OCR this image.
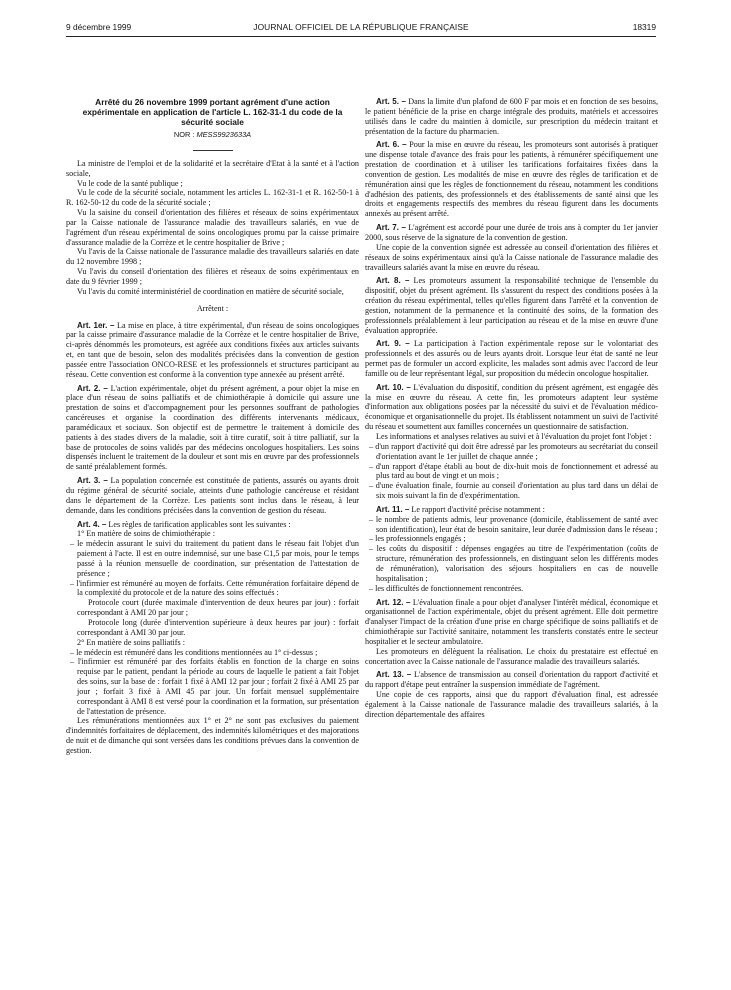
9 décembre 1999	JOURNAL OFFICIEL DE LA RÉPUBLIQUE FRANÇAISE	18319

Arrêté du 26 novembre 1999 portant agrément d'une action expérimentale en application de l'article L. 162-31-1 du code de la sécurité sociale

NOR : MESS9923633A

La ministre de l'emploi et de la solidarité et la secrétaire d'Etat à la santé et à l'action sociale,

Vu le code de la santé publique ;

Vu le code de la sécurité sociale, notamment les articles L. 162-31-1 et R. 162-50-1 à R. 162-50-12 du code de la sécurité sociale ;

Vu la saisine du conseil d'orientation des filières et réseaux de soins expérimentaux par la Caisse nationale de l'assurance maladie des travailleurs salariés, en vue de l'agrément d'un réseau expérimental de soins oncologiques promu par la caisse primaire d'assurance maladie de la Corrèze et le centre hospitalier de Brive ;

Vu l'avis de la Caisse nationale de l'assurance maladie des travailleurs salariés en date du 12 novembre 1998 ;

Vu l'avis du conseil d'orientation des filières et réseaux de soins expérimentaux en date du 9 février 1999 ;

Vu l'avis du comité interministériel de coordination en matière de sécurité sociale,

Arrêtent :

Art. 1er. – La mise en place, à titre expérimental, d'un réseau de soins oncologiques par la caisse primaire d'assurance maladie de la Corrèze et le centre hospitalier de Brive, ci-après dénommés les promoteurs, est agréée aux conditions fixées aux articles suivants et, en tant que de besoin, selon des modalités précisées dans la convention de gestion passée entre l'association ONCO-RESE et les professionnels et structures participant au réseau. Cette convention est conforme à la convention type annexée au présent arrêté.

Art. 2. – L'action expérimentale, objet du présent agrément, a pour objet la mise en place d'un réseau de soins palliatifs et de chimiothérapie à domicile qui assure une prestation de soins et d'accompagnement pour les personnes souffrant de pathologies cancéreuses et organise la coordination des différents intervenants médicaux, paramédicaux et sociaux. Son objectif est de permettre le traitement à domicile des patients à des stades divers de la maladie, soit à titre curatif, soit à titre palliatif, sur la base de protocoles de soins validés par des médecins oncologues hospitaliers. Les soins dispensés incluent le traitement de la douleur et sont mis en œuvre par des professionnels de santé préalablement formés.

Art. 3. – La population concernée est constituée de patients, assurés ou ayants droit du régime général de sécurité sociale, atteints d'une pathologie cancéreuse et résidant dans le département de la Corrèze. Les patients sont inclus dans le réseau, à leur demande, dans les conditions précisées dans la convention de gestion du réseau.

Art. 4. – Les règles de tarification applicables sont les suivantes :

1° En matière de soins de chimiothérapie :

– le médecin assurant le suivi du traitement du patient dans le réseau fait l'objet d'un paiement à l'acte. Il est en outre indemnisé, sur une base C1,5 par mois, pour le temps passé à la réunion mensuelle de coordination, sur présentation de l'attestation de présence ;

– l'infirmier est rémunéré au moyen de forfaits. Cette rémunération forfaitaire dépend de la complexité du protocole et de la nature des soins effectués :

Protocole court (durée maximale d'intervention de deux heures par jour) : forfait correspondant à AMI 20 par jour ;

Protocole long (durée d'intervention supérieure à deux heures par jour) : forfait correspondant à AMI 30 par jour.

2° En matière de soins palliatifs :

– le médecin est rémunéré dans les conditions mentionnées au 1° ci-dessus ;

– l'infirmier est rémunéré par des forfaits établis en fonction de la charge en soins requise par le patient, pendant la période au cours de laquelle le patient a fait l'objet des soins, sur la base de : forfait 1 fixé à AMI 12 par jour ; forfait 2 fixé à AMI 25 par jour ; forfait 3 fixé à AMI 45 par jour. Un forfait mensuel supplémentaire correspondant à AMI 8 est versé pour la coordination et la formation, sur présentation de l'attestation de présence.

Les rémunérations mentionnées aux 1° et 2° ne sont pas exclusives du paiement d'indemnités forfaitaires de déplacement, des indemnités kilométriques et des majorations de nuit et de dimanche qui sont versées dans les conditions prévues dans la convention de gestion.

Art. 5. – Dans la limite d'un plafond de 600 F par mois et en fonction de ses besoins, le patient bénéficie de la prise en charge intégrale des produits, matériels et accessoires utilisés dans le cadre du maintien à domicile, sur prescription du médecin traitant et présentation de la facture du pharmacien.

Art. 6. – Pour la mise en œuvre du réseau, les promoteurs sont autorisés à pratiquer une dispense totale d'avance des frais pour les patients, à rémunérer spécifiquement une prestation de coordination et à utiliser les tarifications forfaitaires fixées dans la convention de gestion. Les modalités de mise en œuvre des règles de tarification et de rémunération ainsi que les règles de fonctionnement du réseau, notamment les conditions d'adhésion des patients, des professionnels et des établissements de santé ainsi que les droits et engagements respectifs des membres du réseau figurent dans les documents annexés au présent arrêté.

Art. 7. – L'agrément est accordé pour une durée de trois ans à compter du 1er janvier 2000, sous réserve de la signature de la convention de gestion.

Une copie de la convention signée est adressée au conseil d'orientation des filières et réseaux de soins expérimentaux ainsi qu'à la Caisse nationale de l'assurance maladie des travailleurs salariés avant la mise en œuvre du réseau.

Art. 8. – Les promoteurs assument la responsabilité technique de l'ensemble du dispositif, objet du présent agrément. Ils s'assurent du respect des conditions posées à la création du réseau expérimental, telles qu'elles figurent dans l'arrêté et la convention de gestion, notamment de la permanence et la continuité des soins, de la formation des professionnels préalablement à leur participation au réseau et de la mise en œuvre d'une évaluation appropriée.

Art. 9. – La participation à l'action expérimentale repose sur le volontariat des professionnels et des assurés ou de leurs ayants droit. Lorsque leur état de santé ne leur permet pas de formuler un accord explicite, les malades sont admis avec l'accord de leur famille ou de leur représentant légal, sur proposition du médecin oncologue hospitalier.

Art. 10. – L'évaluation du dispositif, condition du présent agrément, est engagée dès la mise en œuvre du réseau. A cette fin, les promoteurs adaptent leur système d'information aux obligations posées par la nécessité du suivi et de l'évaluation médico-économique et organisationnelle du projet. Ils établissent notamment un suivi de l'activité du réseau et soumettent aux familles concernées un questionnaire de satisfaction.

Les informations et analyses relatives au suivi et à l'évaluation du projet font l'objet :

– d'un rapport d'activité qui doit être adressé par les promoteurs au secrétariat du conseil d'orientation avant le 1er juillet de chaque année ;

– d'un rapport d'étape établi au bout de dix-huit mois de fonctionnement et adressé au plus tard au bout de vingt et un mois ;

– d'une évaluation finale, fournie au conseil d'orientation au plus tard dans un délai de six mois suivant la fin de d'expérimentation.

Art. 11. – Le rapport d'activité précise notamment :

– le nombre de patients admis, leur provenance (domicile, établissement de santé avec son identification), leur état de besoin sanitaire, leur durée d'admission dans le réseau ;

– les professionnels engagés ;

– les coûts du dispositif : dépenses engagées au titre de l'expérimentation (coûts de structure, rémunération des professionnels, en distinguant selon les différents modes de rémunération), valorisation des séjours hospitaliers en cas de nouvelle hospitalisation ;

– les difficultés de fonctionnement rencontrées.

Art. 12. – L'évaluation finale a pour objet d'analyser l'intérêt médical, économique et organisationnel de l'action expérimentale, objet du présent agrément. Elle doit permettre d'analyser l'impact de la création d'une prise en charge spécifique de soins palliatifs et de chimiothérapie sur l'activité sanitaire, notamment les transferts constatés entre le secteur hospitalier et le secteur ambulatoire.

Les promoteurs en délèguent la réalisation. Le choix du prestataire est effectué en concertation avec la Caisse nationale de l'assurance maladie des travailleurs salariés.

Art. 13. – L'absence de transmission au conseil d'orientation du rapport d'activité et du rapport d'étape peut entraîner la suspension immédiate de l'agrément.

Une copie de ces rapports, ainsi que du rapport d'évaluation final, est adressée également à la Caisse nationale de l'assurance maladie des travailleurs salariés, à la direction départementale des affaires
